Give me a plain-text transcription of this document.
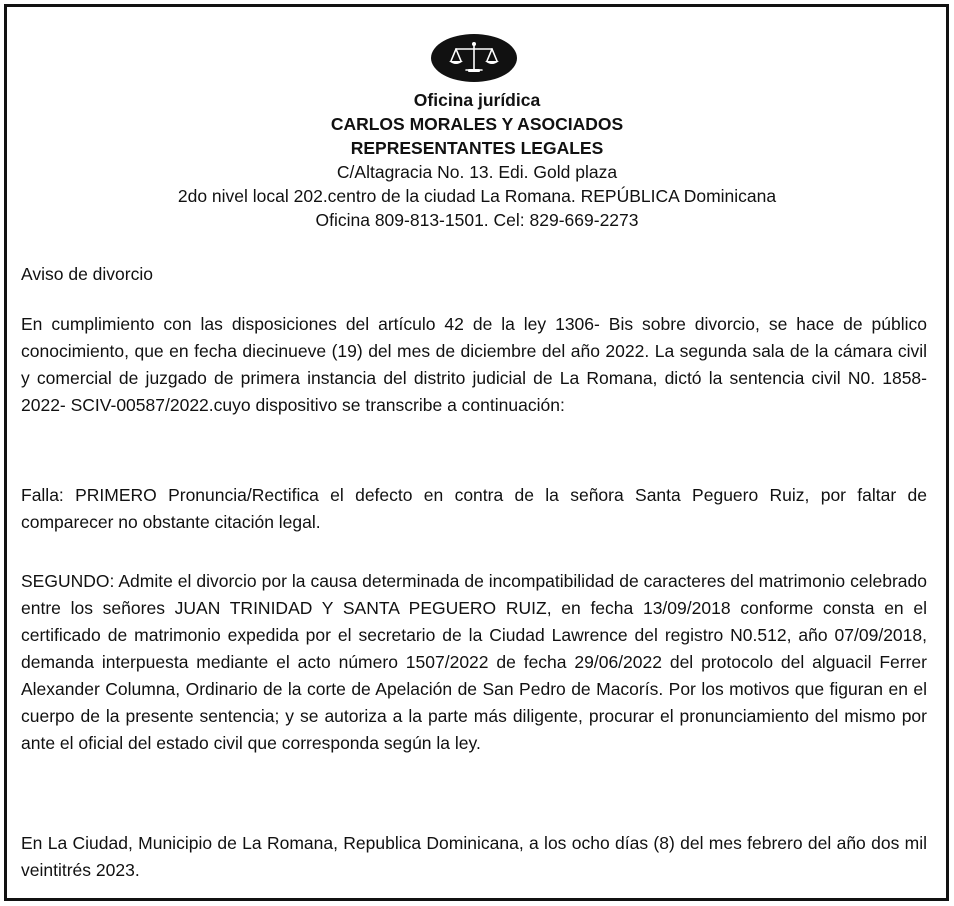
Oficina jurídica
CARLOS MORALES Y ASOCIADOS
REPRESENTANTES LEGALES
C/Altagracia No. 13. Edi. Gold plaza
2do nivel local 202.centro de la ciudad La Romana. REPÚBLICA Dominicana
Oficina 809-813-1501. Cel: 829-669-2273
Aviso de divorcio
En cumplimiento con las disposiciones del artículo 42 de la ley 1306- Bis sobre divorcio, se hace de público conocimiento, que en fecha diecinueve (19) del mes de diciembre del año 2022. La segunda sala de la cámara civil y comercial de juzgado de primera instancia del distrito judicial de La Romana, dictó la sentencia civil N0. 1858-2022- SCIV-00587/2022.cuyo dispositivo se transcribe a continuación:
Falla: PRIMERO Pronuncia/Rectifica el defecto en contra de la señora Santa Peguero Ruiz, por faltar de comparecer no obstante citación legal.
SEGUNDO: Admite el divorcio por la causa determinada de incompatibilidad de caracteres del matrimonio celebrado entre los señores JUAN TRINIDAD Y SANTA PEGUERO RUIZ, en fecha 13/09/2018 conforme consta en el certificado de matrimonio expedida por el secretario de la Ciudad Lawrence del registro N0.512, año 07/09/2018, demanda interpuesta mediante el acto número 1507/2022 de fecha 29/06/2022 del protocolo del alguacil Ferrer Alexander Columna, Ordinario de la corte de Apelación de San Pedro de Macorís. Por los motivos que figuran en el cuerpo de la presente sentencia; y se autoriza a la parte más diligente, procurar el pronunciamiento del mismo por ante el oficial del estado civil que corresponda según la ley.
En La Ciudad, Municipio de La Romana, Republica Dominicana, a los ocho días (8) del mes febrero del año dos mil veintitrés 2023.
